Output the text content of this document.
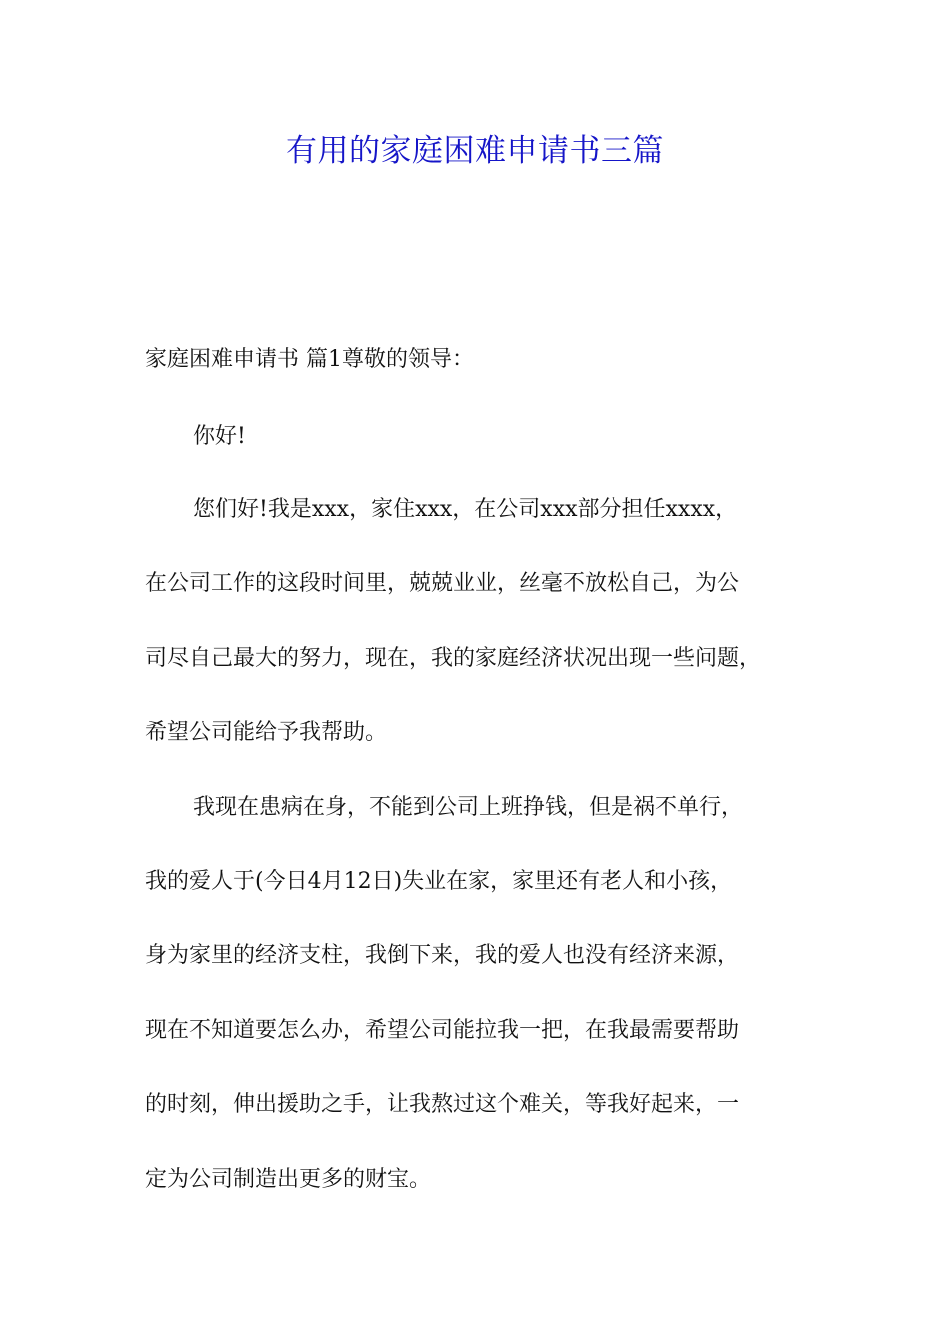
有用的家庭困难申请书三篇

家庭困难申请书 篇1尊敬的领导：

你好!

您们好!我是xxx，家住xxx，在公司xxx部分担任xxxx，

在公司工作的这段时间里，兢兢业业，丝毫不放松自己，为公

司尽自己最大的努力，现在，我的家庭经济状况出现一些问题，

希望公司能给予我帮助。

我现在患病在身，不能到公司上班挣钱，但是祸不单行，

我的爱人于(今日4月12日)失业在家，家里还有老人和小孩，

身为家里的经济支柱，我倒下来，我的爱人也没有经济来源，

现在不知道要怎么办，希望公司能拉我一把，在我最需要帮助

的时刻，伸出援助之手，让我熬过这个难关，等我好起来，一

定为公司制造出更多的财宝。
